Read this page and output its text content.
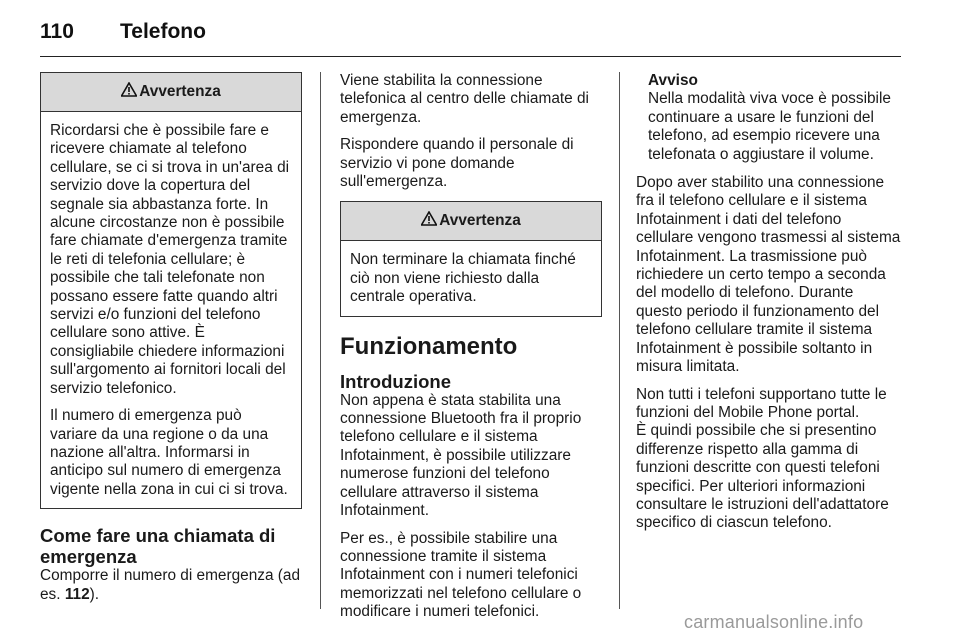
110 Telefono
Avvertenza

Ricordarsi che è possibile fare e ricevere chiamate al telefono cellulare, se ci si trova in un'area di servizio dove la copertura del segnale sia abbastanza forte. In alcune circostanze non è possibile fare chiamate d'emergenza tramite le reti di telefonia cellulare; è possibile che tali telefonate non possano essere fatte quando altri servizi e/o funzioni del telefono cellulare sono attive. È consigliabile chiedere informazioni sull'argomento ai fornitori locali del servizio telefonico.

Il numero di emergenza può variare da una regione o da una nazione all'altra. Informarsi in anticipo sul numero di emergenza vigente nella zona in cui ci si trova.

Come fare una chiamata di emergenza

Comporre il numero di emergenza (ad es. 112).

Viene stabilita la connessione telefonica al centro delle chiamate di emergenza.

Rispondere quando il personale di servizio vi pone domande sull'emergenza.

Avvertenza

Non terminare la chiamata finché ciò non viene richiesto dalla centrale operativa.

Funzionamento
Introduzione

Non appena è stata stabilita una connessione Bluetooth fra il proprio telefono cellulare e il sistema Infotainment, è possibile utilizzare numerose funzioni del telefono cellulare attraverso il sistema Infotainment.

Per es., è possibile stabilire una connessione tramite il sistema Infotainment con i numeri telefonici memorizzati nel telefono cellulare o modificare i numeri telefonici.

Avviso

Nella modalità viva voce è possibile continuare a usare le funzioni del telefono, ad esempio ricevere una telefonata o aggiustare il volume.

Dopo aver stabilito una connessione fra il telefono cellulare e il sistema Infotainment i dati del telefono cellulare vengono trasmessi al sistema Infotainment. La trasmissione può richiedere un certo tempo a seconda del modello di telefono. Durante questo periodo il funzionamento del telefono cellulare tramite il sistema Infotainment è possibile soltanto in misura limitata.

Non tutti i telefoni supportano tutte le funzioni del Mobile Phone portal.

È quindi possibile che si presentino differenze rispetto alla gamma di funzioni descritte con questi telefoni specifici. Per ulteriori informazioni consultare le istruzioni dell'adattatore specifico di ciascun telefono.

carmanualsonline.info
